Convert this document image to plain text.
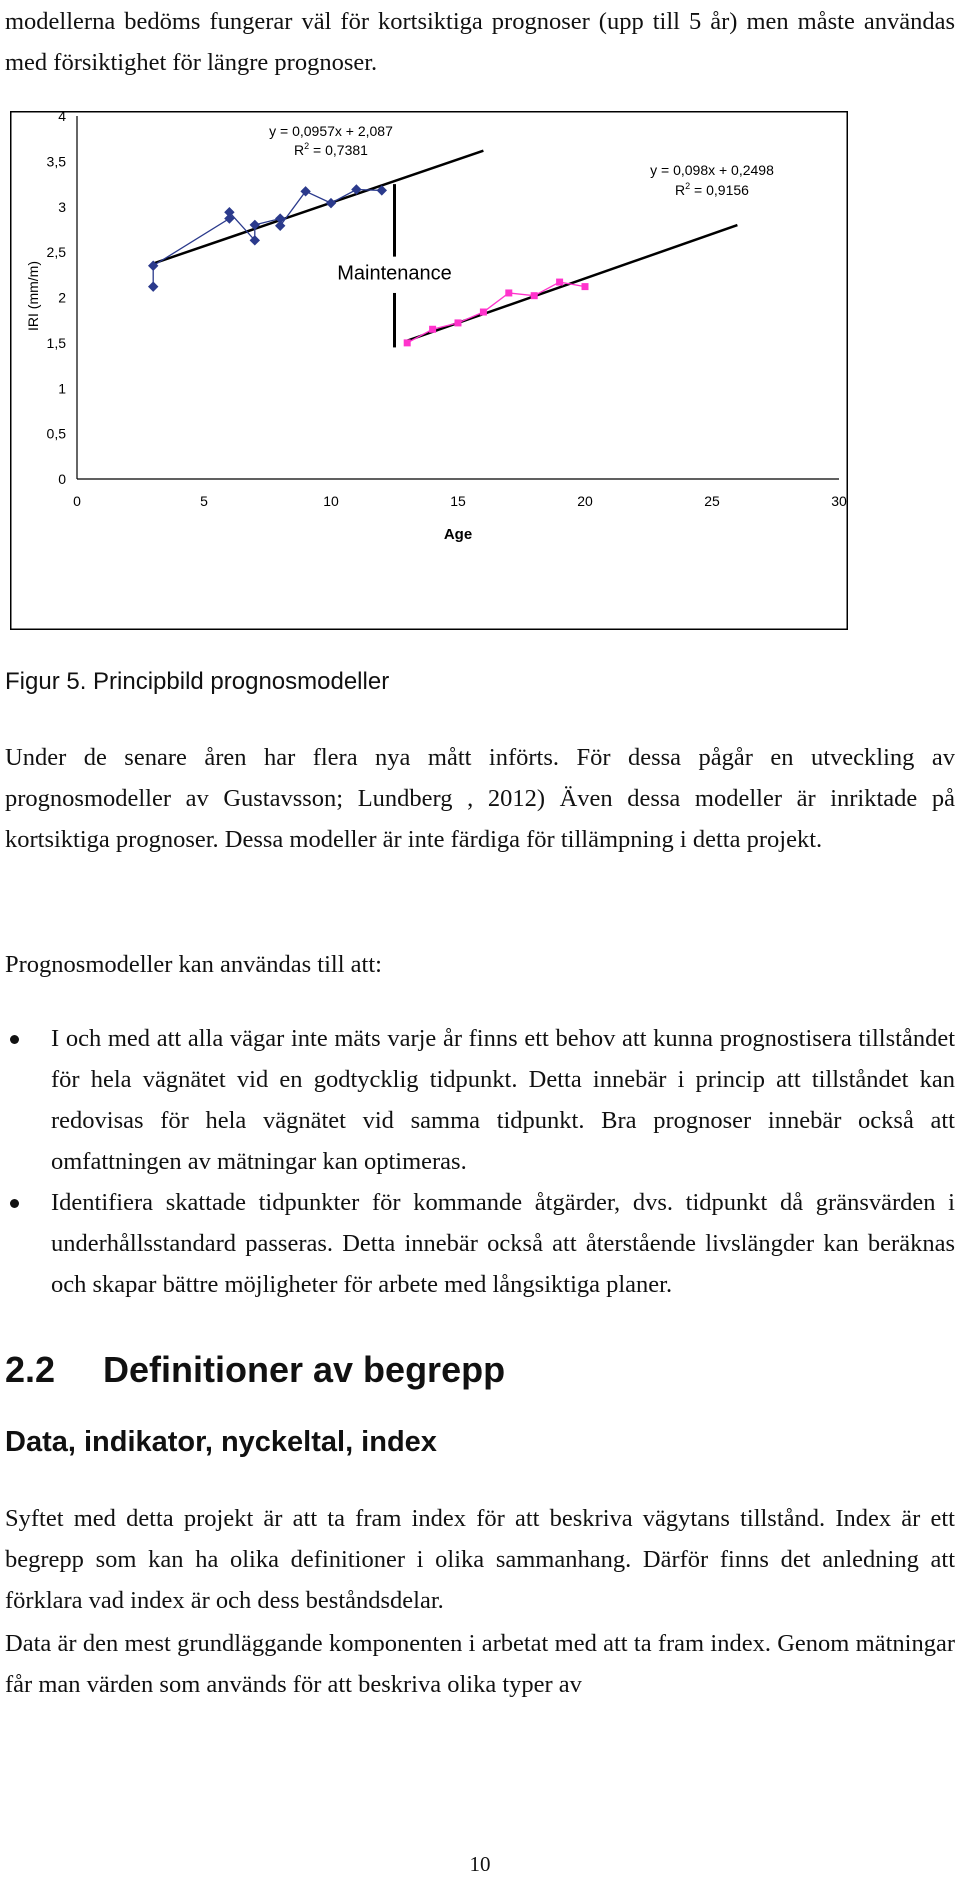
modellerna bedöms fungerar väl för kortsiktiga prognoser (upp till 5 år) men måste användas med försiktighet för längre prognoser.

0
0,5
1
1,5
2
2,5
3
3,5
4
0	5	10	15	20	25	30
Age
IRI (mm/m)	Maintenance
y = 0,0957x + 2,087
$R^2 = 0,7381$
y = 0,098x + 0,2498
$R^2 = 0,9156$
Figur 5. Principbild prognosmodeller

Under de senare åren har flera nya mått införts. För dessa pågår en utveckling av prognosmodeller av Gustavsson; Lundberg , 2012) Även dessa modeller är inriktade på kortsiktiga prognoser. Dessa modeller är inte färdiga för tillämpning i detta projekt.

Prognosmodeller kan användas till att:

I och med att alla vägar inte mäts varje år finns ett behov att kunna prognostisera tillståndet för hela vägnätet vid en godtycklig tidpunkt. Detta innebär i princip att tillståndet kan redovisas för hela vägnätet vid samma tidpunkt. Bra prognoser innebär också att omfattningen av mätningar kan optimeras.
Identifiera skattade tidpunkter för kommande åtgärder, dvs. tidpunkt då gränsvärden i underhållsstandard passeras. Detta innebär också att återstående livslängder kan beräknas och skapar bättre möjligheter för arbete med långsiktiga planer.
2.2 Definitioner av begrepp
Data, indikator, nyckeltal, index

Syftet med detta projekt är att ta fram index för att beskriva vägytans tillstånd. Index är ett begrepp som kan ha olika definitioner i olika sammanhang. Därför finns det anledning att förklara vad index är och dess beståndsdelar.

Data är den mest grundläggande komponenten i arbetat med att ta fram index. Genom mätningar får man värden som används för att beskriva olika typer av

10
